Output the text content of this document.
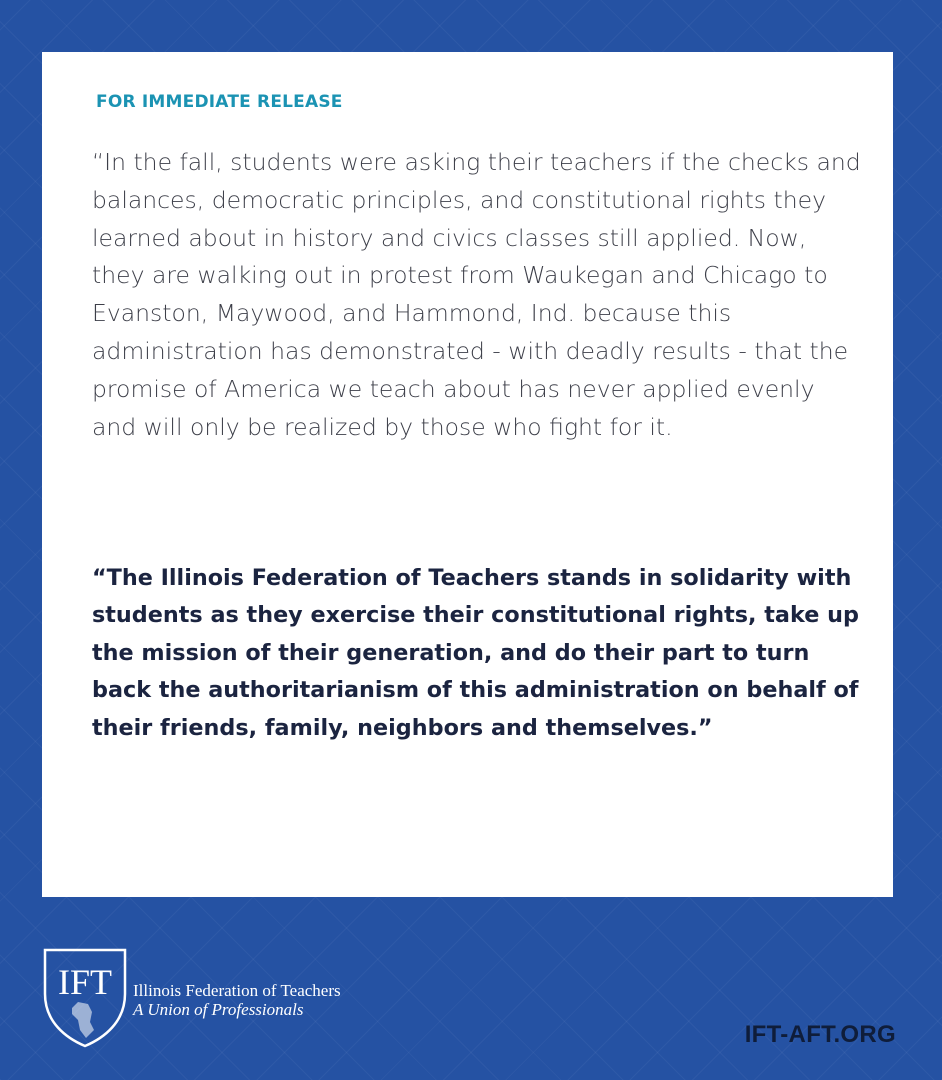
FOR IMMEDIATE RELEASE

“In the fall, students were asking their teachers if the checks and balances, democratic principles, and constitutional rights they learned about in history and civics classes still applied. Now, they are walking out in protest from Waukegan and Chicago to Evanston, Maywood, and Hammond, Ind. because this administration has demonstrated - with deadly results - that the promise of America we teach about has never applied evenly and will only be realized by those who fight for it.

“The Illinois Federation of Teachers stands in solidarity with students as they exercise their constitutional rights, take up the mission of their generation, and do their part to turn back the authoritarianism of this administration on behalf of their friends, family, neighbors and themselves.”

IFT Illinois Federation of Teachers
A Union of Professionals
IFT-AFT.ORG
